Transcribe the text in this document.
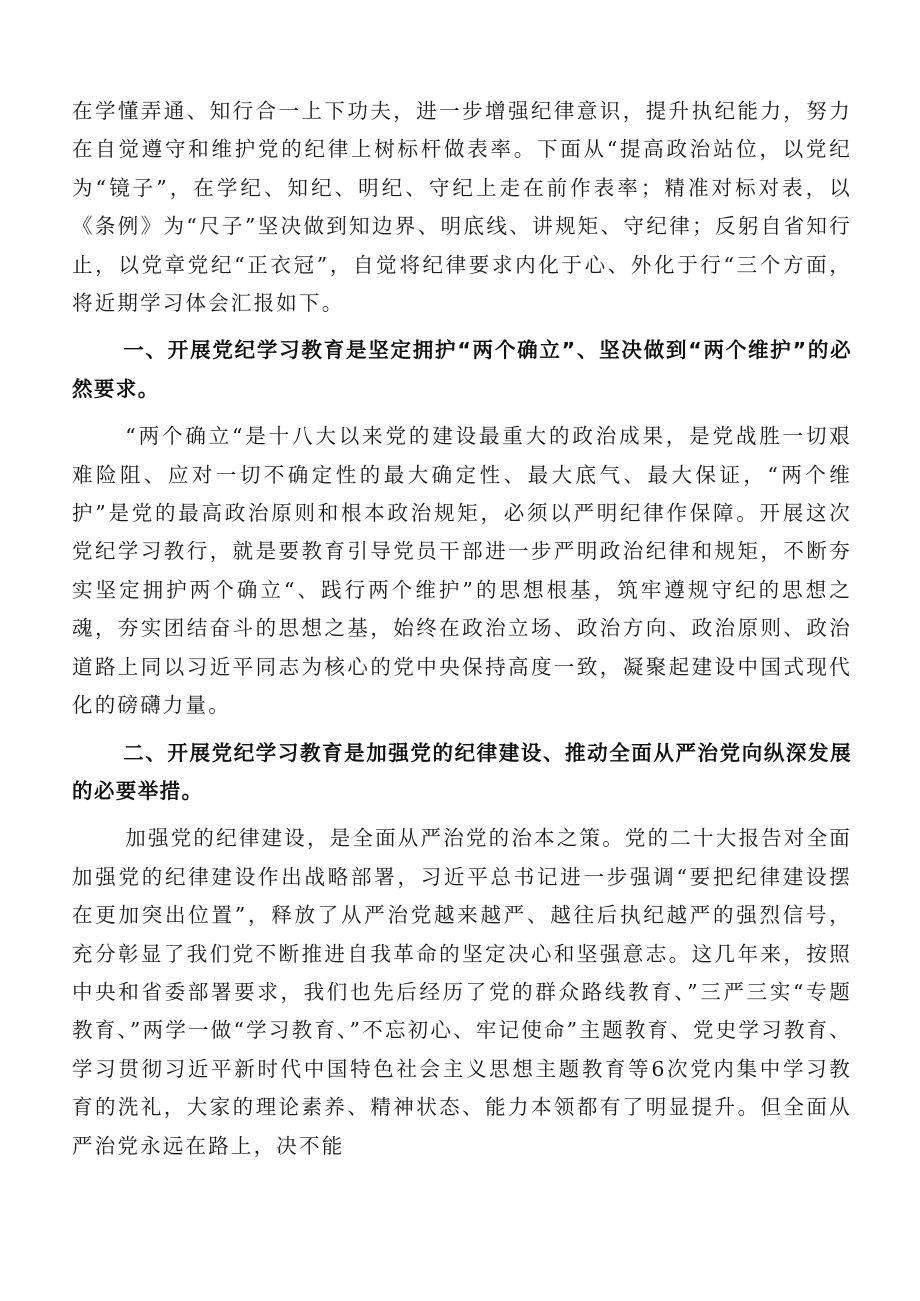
在学懂弄通、知行合一上下功夫，进一步增强纪律意识，提升执纪能力，努力在自觉遵守和维护党的纪律上树标杆做表率。下面从“提高政治站位，以党纪为“镜子”，在学纪、知纪、明纪、守纪上走在前作表率；精准对标对表，以《条例》为“尺子”坚决做到知边界、明底线、讲规矩、守纪律；反躬自省知行止，以党章党纪“正衣冠”，自觉将纪律要求内化于心、外化于行“三个方面，将近期学习体会汇报如下。

一、开展党纪学习教育是坚定拥护“两个确立”、坚决做到“两个维护”的必然要求。

“两个确立“是十八大以来党的建设最重大的政治成果，是党战胜一切艰难险阻、应对一切不确定性的最大确定性、最大底气、最大保证，“两个维护”是党的最高政治原则和根本政治规矩，必须以严明纪律作保障。开展这次党纪学习教行，就是要教育引导党员干部进一步严明政治纪律和规矩，不断夯实坚定拥护两个确立“、践行两个维护”的思想根基，筑牢遵规守纪的思想之魂，夯实团结奋斗的思想之基，始终在政治立场、政治方向、政治原则、政治道路上同以习近平同志为核心的党中央保持高度一致，凝聚起建设中国式现代化的磅礴力量。

二、开展党纪学习教育是加强党的纪律建设、推动全面从严治党向纵深发展的必要举措。

加强党的纪律建设，是全面从严治党的治本之策。党的二十大报告对全面加强党的纪律建设作出战略部署，习近平总书记进一步强调“要把纪律建设摆在更加突出位置”，释放了从严治党越来越严、越往后执纪越严的强烈信号，充分彰显了我们党不断推进自我革命的坚定决心和坚强意志。这几年来，按照中央和省委部署要求，我们也先后经历了党的群众路线教育、”三严三实“专题教育、”两学一做“学习教育、”不忘初心、牢记使命”主题教育、党史学习教育、学习贯彻习近平新时代中国特色社会主义思想主题教育等6次党内集中学习教育的洗礼，大家的理论素养、精神状态、能力本领都有了明显提升。但全面从严治党永远在路上，决不能
